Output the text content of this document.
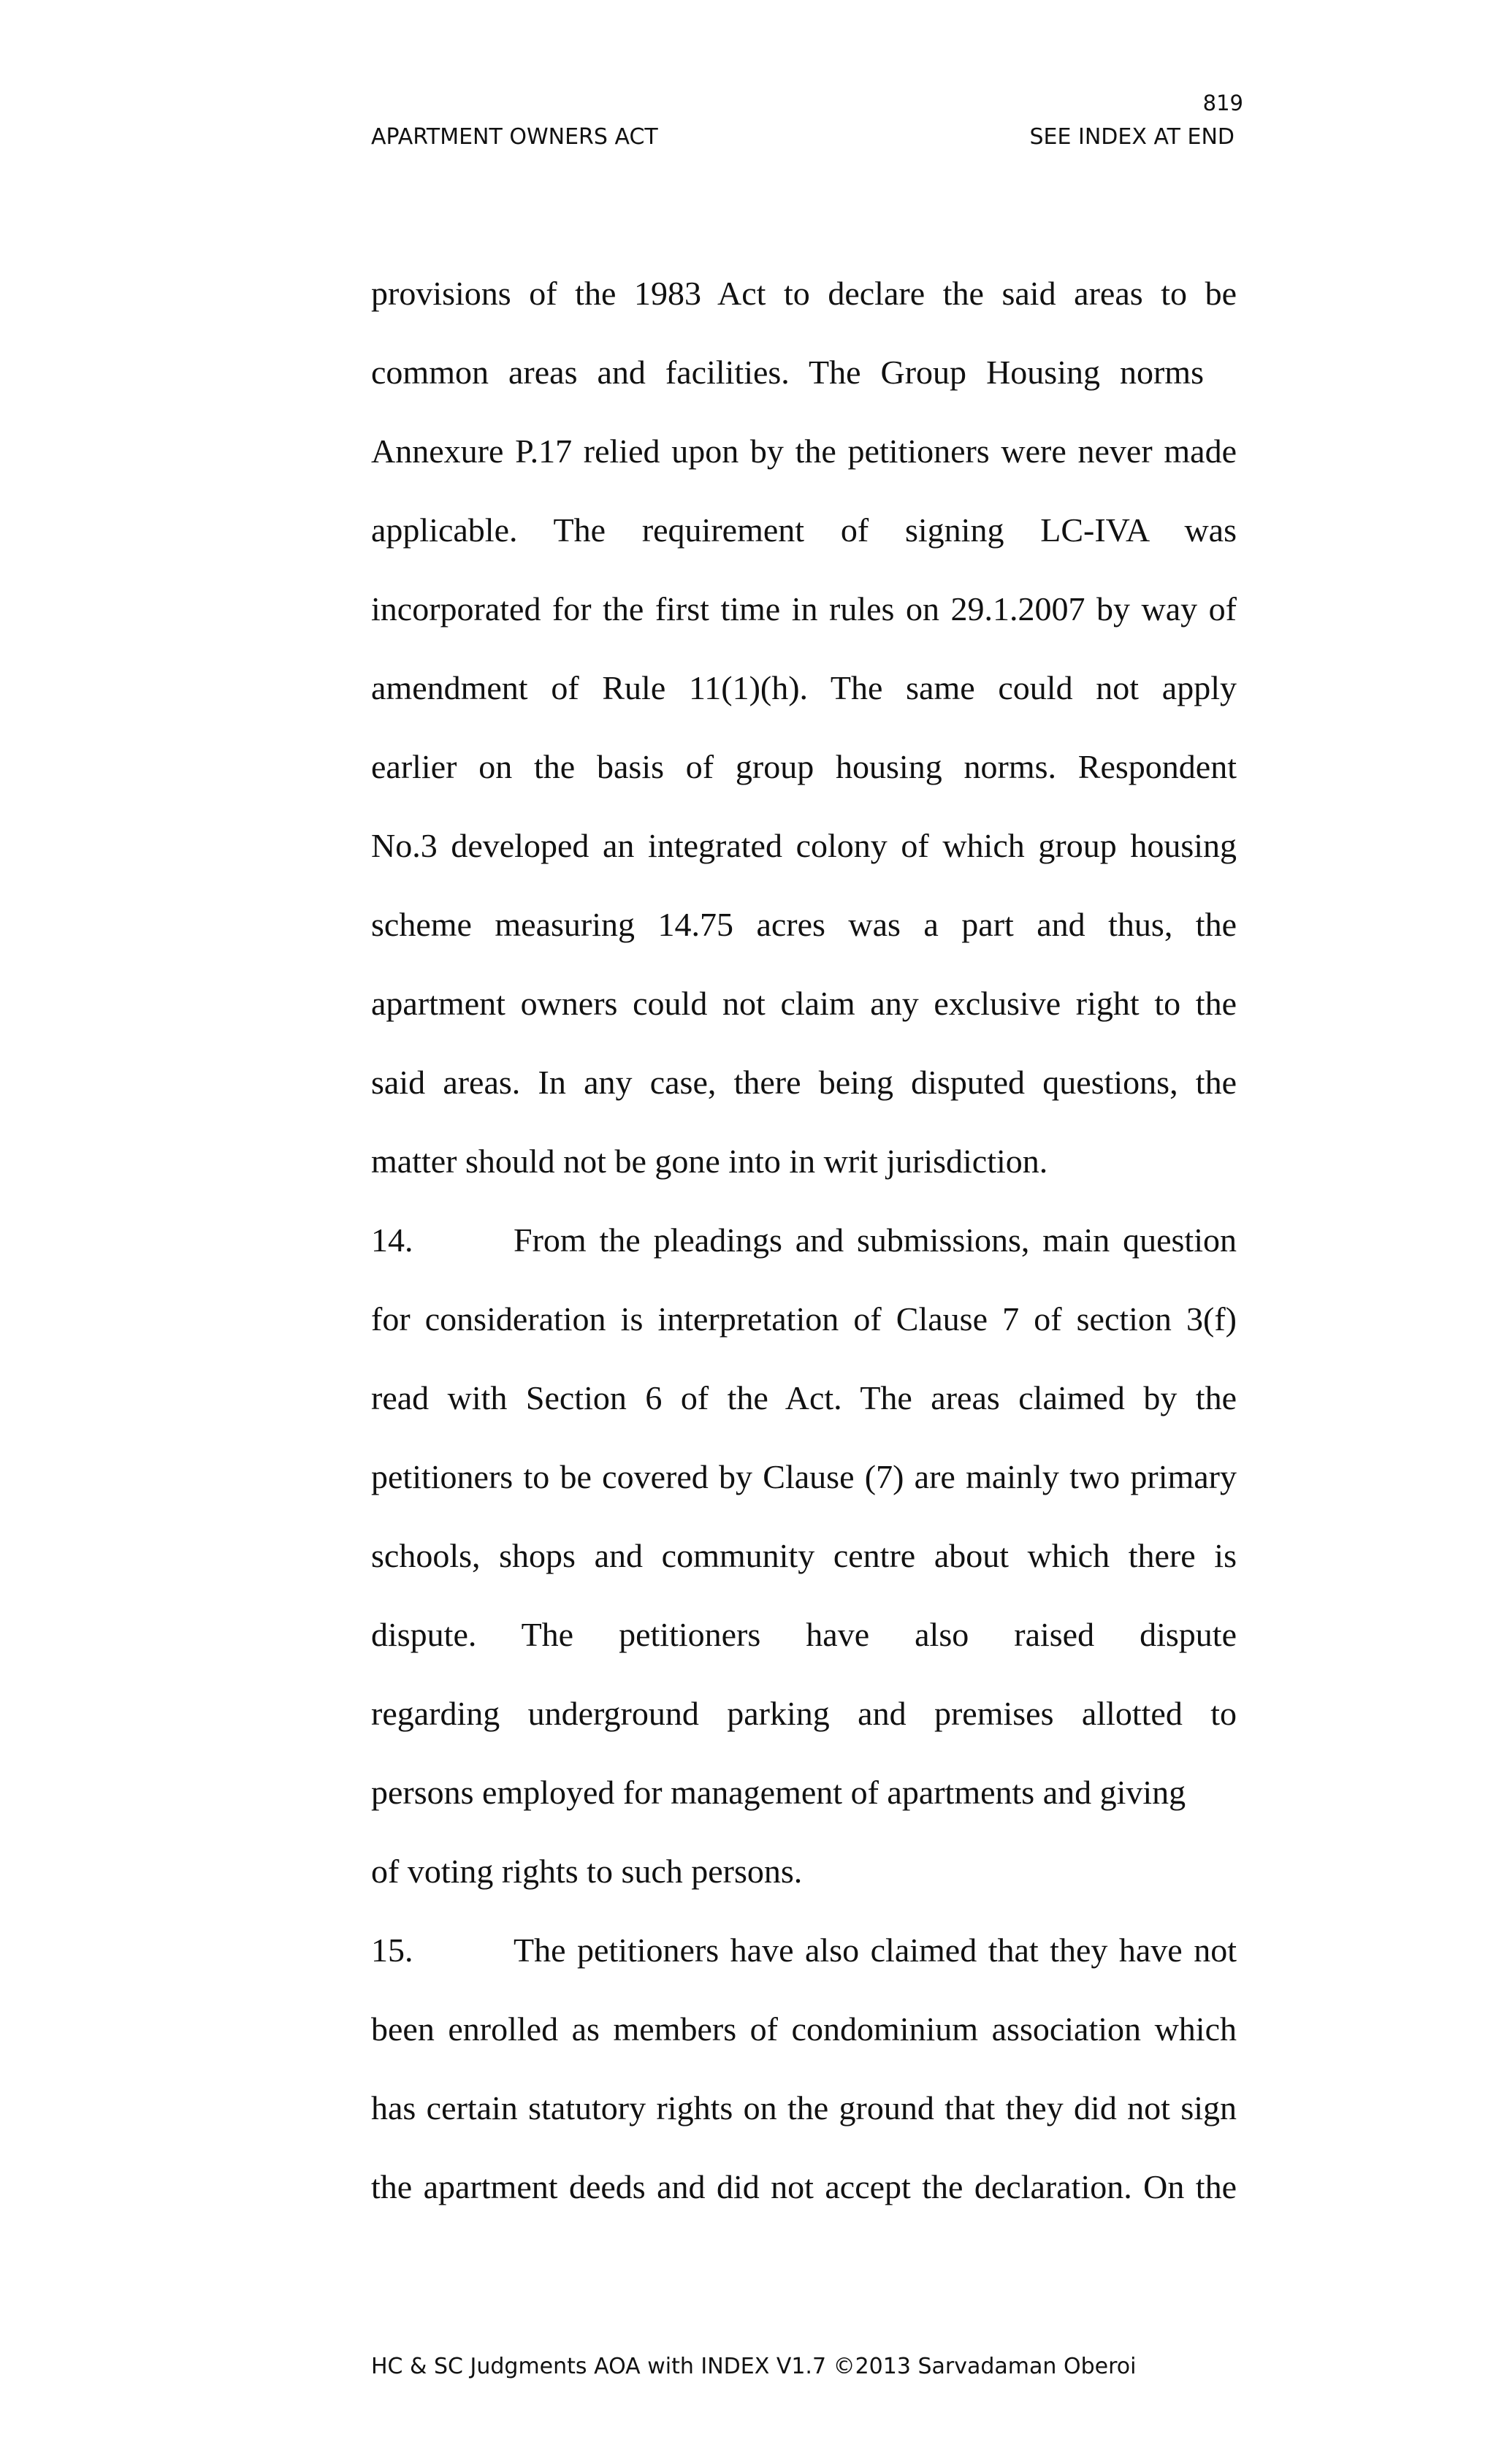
819
APARTMENT OWNERS ACT	SEE INDEX AT END
provisions of the 1983 Act to declare the said areas to be
common areas and facilities. The Group Housing norms
Annexure P.17 relied upon by the petitioners were never made
applicable. The requirement of signing LC-IVA was
incorporated for the first time in rules on 29.1.2007 by way of
amendment of Rule 11(1)(h). The same could not apply
earlier on the basis of group housing norms. Respondent
No.3 developed an integrated colony of which group housing
scheme measuring 14.75 acres was a part and thus, the
apartment owners could not claim any exclusive right to the
said areas. In any case, there being disputed questions, the
matter should not be gone into in writ jurisdiction.
14.	From the pleadings and submissions, main question
for consideration is interpretation of Clause 7 of section 3(f)
read with Section 6 of the Act. The areas claimed by the
petitioners to be covered by Clause (7) are mainly two primary
schools, shops and community centre about which there is
dispute. The petitioners have also raised dispute
regarding underground parking and premises allotted to
persons employed for management of apartments and giving
of voting rights to such persons.
15.	The petitioners have also claimed that they have not
been enrolled as members of condominium association which
has certain statutory rights on the ground that they did not sign
the apartment deeds and did not accept the declaration. On the
HC & SC Judgments AOA with INDEX V1.7 ©2013 Sarvadaman Oberoi
